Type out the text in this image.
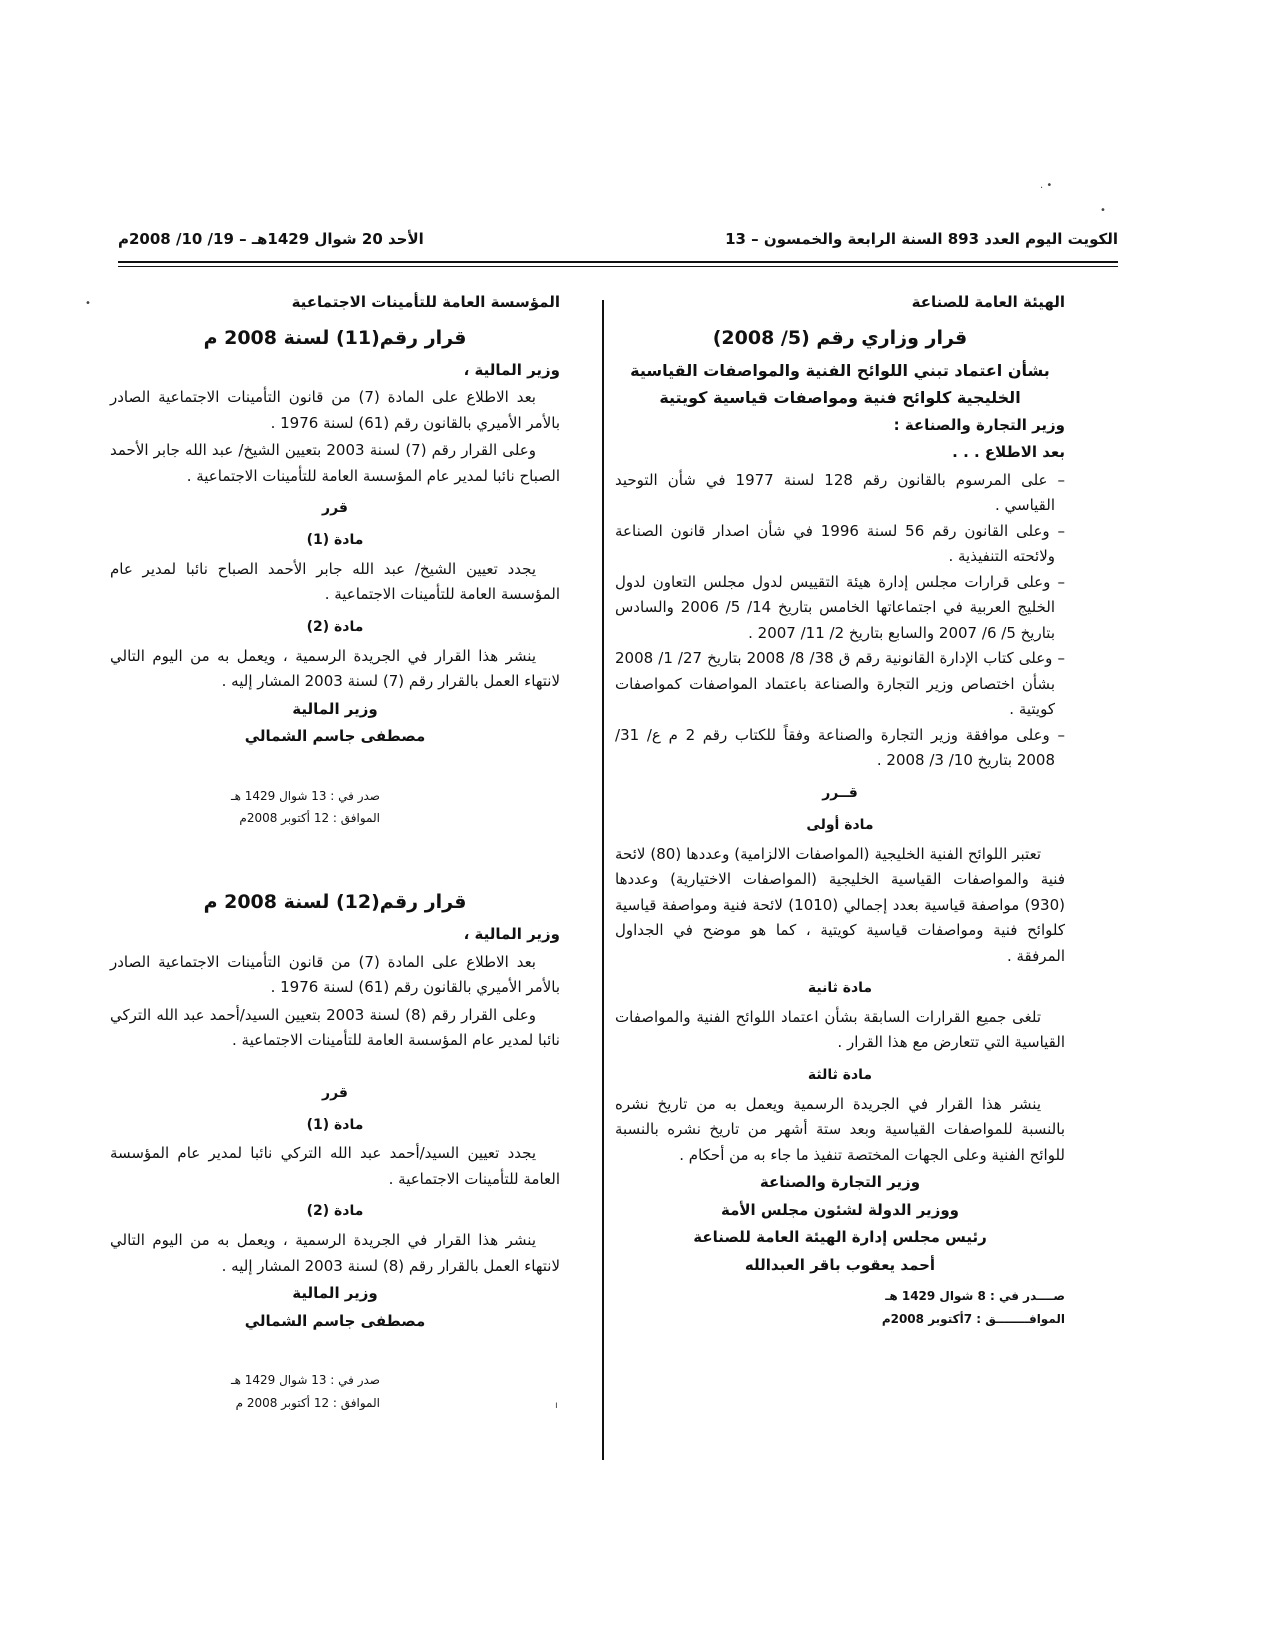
الكويت اليوم العدد 893 السنة الرابعة والخمسون – 13
الأحد 20 شوال 1429هـ – 19/ 10/ 2008م
الهيئة العامة للصناعة
قرار وزاري رقم (5/ 2008)
بشأن اعتماد تبني اللوائح الفنية والمواصفات القياسية
الخليجية كلوائح فنية ومواصفات قياسية كويتية

وزير التجارة والصناعة :

بعد الاطلاع . . .

– على المرسوم بالقانون رقم 128 لسنة 1977 في شأن التوحيد القياسي .

– وعلى القانون رقم 56 لسنة 1996 في شأن اصدار قانون الصناعة ولائحته التنفيذية .

– وعلى قرارات مجلس إدارة هيئة التقييس لدول مجلس التعاون لدول الخليج العربية في اجتماعاتها الخامس بتاريخ 14/ 5/ 2006 والسادس بتاريخ 5/ 6/ 2007 والسابع بتاريخ 2/ 11/ 2007 .

– وعلى كتاب الإدارة القانونية رقم ق 38/ 8/ 2008 بتاريخ 27/ 1/ 2008 بشأن اختصاص وزير التجارة والصناعة باعتماد المواصفات كمواصفات كويتية .

– وعلى موافقة وزير التجارة والصناعة وفقاً للكتاب رقم 2 م ع/ 31/ 2008 بتاريخ 10/ 3/ 2008 .

قــرر
مادة أولى

تعتبر اللوائح الفنية الخليجية (المواصفات الالزامية) وعددها (80) لائحة فنية والمواصفات القياسية الخليجية (المواصفات الاختيارية) وعددها (930) مواصفة قياسية بعدد إجمالي (1010) لائحة فنية ومواصفة قياسية كلوائح فنية ومواصفات قياسية كويتية ، كما هو موضح في الجداول المرفقة .

مادة ثانية

تلغى جميع القرارات السابقة بشأن اعتماد اللوائح الفنية والمواصفات القياسية التي تتعارض مع هذا القرار .

مادة ثالثة

ينشر هذا القرار في الجريدة الرسمية ويعمل به من تاريخ نشره بالنسبة للمواصفات القياسية وبعد ستة أشهر من تاريخ نشره بالنسبة للوائح الفنية وعلى الجهات المختصة تنفيذ ما جاء به من أحكام .

وزير التجارة والصناعة
ووزير الدولة لشئون مجلس الأمة
رئيس مجلس إدارة الهيئة العامة للصناعة
أحمد يعقوب باقر العبدالله
صــــدر في : 8 شوال 1429 هـ
الموافــــــــق : 7أكتوبر 2008م
المؤسسة العامة للتأمينات الاجتماعية
قرار رقم(11) لسنة 2008 م

وزير المالية ،

بعد الاطلاع على المادة (7) من قانون التأمينات الاجتماعية الصادر بالأمر الأميري بالقانون رقم (61) لسنة 1976 .

وعلى القرار رقم (7) لسنة 2003 بتعيين الشيخ/ عبد الله جابر الأحمد الصباح نائبا لمدير عام المؤسسة العامة للتأمينات الاجتماعية .

قرر
مادة (1)

يجدد تعيين الشيخ/ عبد الله جابر الأحمد الصباح نائبا لمدير عام المؤسسة العامة للتأمينات الاجتماعية .

مادة (2)

ينشر هذا القرار في الجريدة الرسمية ، ويعمل به من اليوم التالي لانتهاء العمل بالقرار رقم (7) لسنة 2003 المشار إليه .

وزير المالية
مصطفى جاسم الشمالي
صدر في : 13 شوال 1429 هـ
الموافق : 12 أكتوبر 2008م
قرار رقم(12) لسنة 2008 م

وزير المالية ،

بعد الاطلاع على المادة (7) من قانون التأمينات الاجتماعية الصادر بالأمر الأميري بالقانون رقم (61) لسنة 1976 .

وعلى القرار رقم (8) لسنة 2003 بتعيين السيد/أحمد عبد الله التركي نائبا لمدير عام المؤسسة العامة للتأمينات الاجتماعية .

قرر
مادة (1)

يجدد تعيين السيد/أحمد عبد الله التركي نائبا لمدير عام المؤسسة العامة للتأمينات الاجتماعية .

مادة (2)

ينشر هذا القرار في الجريدة الرسمية ، ويعمل به من اليوم التالي لانتهاء العمل بالقرار رقم (8) لسنة 2003 المشار إليه .

وزير المالية
مصطفى جاسم الشمالي
صدر في : 13 شوال 1429 هـ
الموافق : 12 أكتوبر 2008 م
• .
•
•
ı
